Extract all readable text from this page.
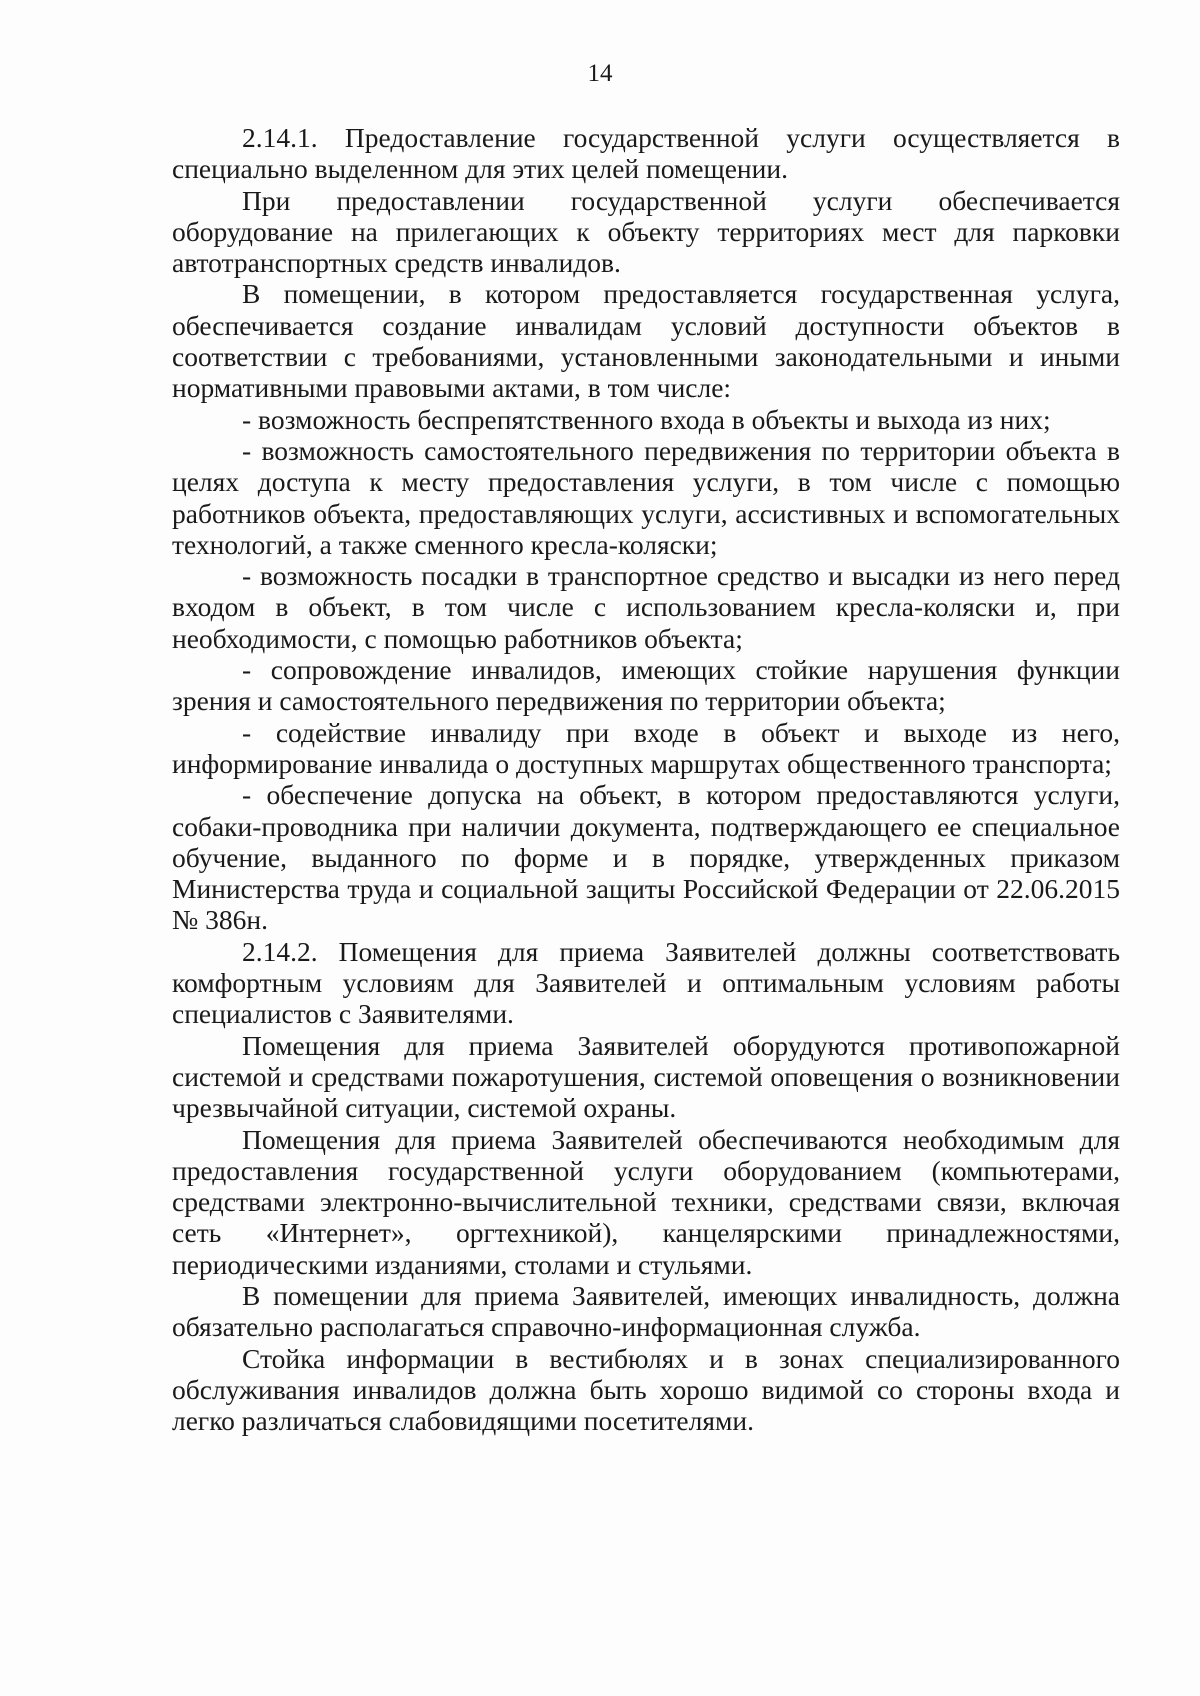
14

2.14.1. Предоставление государственной услуги осуществляется в специально выделенном для этих целей помещении.

При предоставлении государственной услуги обеспечивается оборудование на прилегающих к объекту территориях мест для парковки автотранспортных средств инвалидов.

В помещении, в котором предоставляется государственная услуга, обеспечивается создание инвалидам условий доступности объектов в соответствии с требованиями, установленными законодательными и иными нормативными правовыми актами, в том числе:

- возможность беспрепятственного входа в объекты и выхода из них;

- возможность самостоятельного передвижения по территории объекта в целях доступа к месту предоставления услуги, в том числе с помощью работников объекта, предоставляющих услуги, ассистивных и вспомогательных технологий, а также сменного кресла-коляски;

- возможность посадки в транспортное средство и высадки из него перед входом в объект, в том числе с использованием кресла-коляски и, при необходимости, с помощью работников объекта;

- сопровождение инвалидов, имеющих стойкие нарушения функции зрения и самостоятельного передвижения по территории объекта;

- содействие инвалиду при входе в объект и выходе из него, информирование инвалида о доступных маршрутах общественного транспорта;

- обеспечение допуска на объект, в котором предоставляются услуги, собаки-проводника при наличии документа, подтверждающего ее специальное обучение, выданного по форме и в порядке, утвержденных приказом Министерства труда и социальной защиты Российской Федерации от 22.06.2015 № 386н.

2.14.2. Помещения для приема Заявителей должны соответствовать комфортным условиям для Заявителей и оптимальным условиям работы специалистов с Заявителями.

Помещения для приема Заявителей оборудуются противопожарной системой и средствами пожаротушения, системой оповещения о возникновении чрезвычайной ситуации, системой охраны.

Помещения для приема Заявителей обеспечиваются необходимым для предоставления государственной услуги оборудованием (компьютерами, средствами электронно-вычислительной техники, средствами связи, включая сеть «Интернет», оргтехникой), канцелярскими принадлежностями, периодическими изданиями, столами и стульями.

В помещении для приема Заявителей, имеющих инвалидность, должна обязательно располагаться справочно-информационная служба.

Стойка информации в вестибюлях и в зонах специализированного обслуживания инвалидов должна быть хорошо видимой со стороны входа и легко различаться слабовидящими посетителями.
